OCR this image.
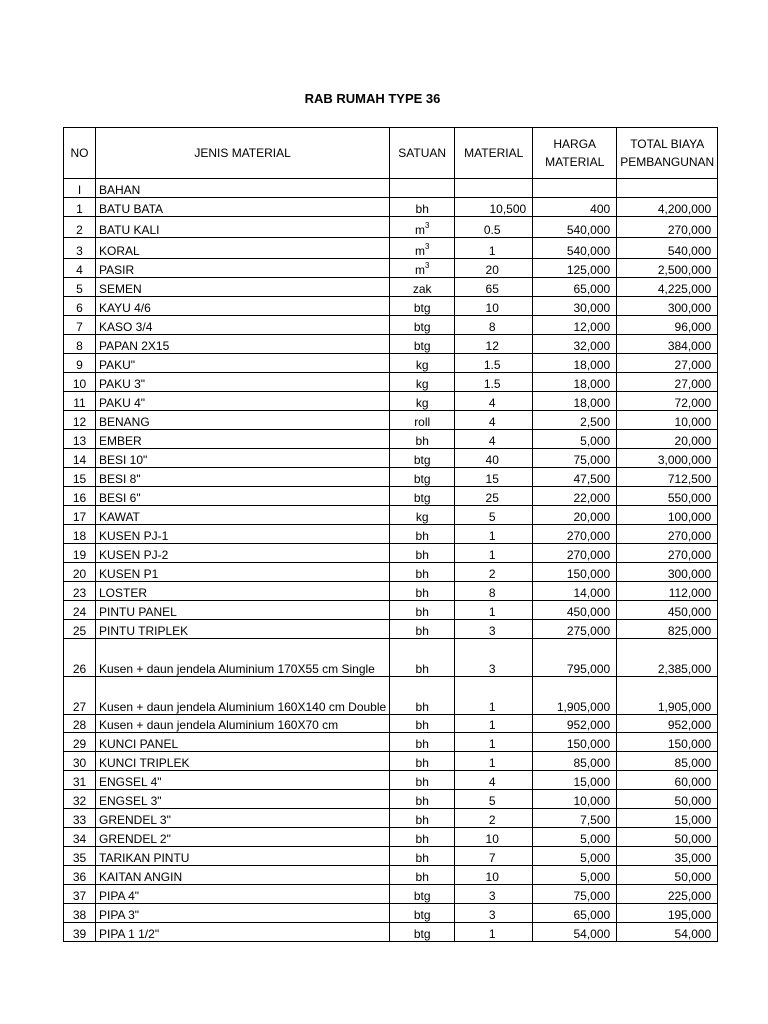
RAB RUMAH TYPE 36
NO	JENIS MATERIAL	SATUAN	MATERIAL	HARGA MATERIAL	TOTAL BIAYA PEMBANGUNAN
I	BAHAN				
1	BATU BATA	bh	10,500	400	4,200,000
2	BATU KALI	$m^3$	0.5	540,000	270,000
3	KORAL	$m^3$	1	540,000	540,000
4	PASIR	$m^3$	20	125,000	2,500,000
5	SEMEN	zak	65	65,000	4,225,000
6	KAYU 4/6	btg	10	30,000	300,000
7	KASO 3/4	btg	8	12,000	96,000
8	PAPAN 2X15	btg	12	32,000	384,000
9	PAKU"	kg	1.5	18,000	27,000
10	PAKU 3"	kg	1.5	18,000	27,000
11	PAKU 4"	kg	4	18,000	72,000
12	BENANG	roll	4	2,500	10,000
13	EMBER	bh	4	5,000	20,000
14	BESI 10"	btg	40	75,000	3,000,000
15	BESI 8"	btg	15	47,500	712,500
16	BESI 6"	btg	25	22,000	550,000
17	KAWAT	kg	5	20,000	100,000
18	KUSEN PJ-1	bh	1	270,000	270,000
19	KUSEN PJ-2	bh	1	270,000	270,000
20	KUSEN P1	bh	2	150,000	300,000
23	LOSTER	bh	8	14,000	112,000
24	PINTU PANEL	bh	1	450,000	450,000
25	PINTU TRIPLEK	bh	3	275,000	825,000
26	Kusen + daun jendela Aluminium 170X55 cm Single	bh	3	795,000	2,385,000
27	Kusen + daun jendela Aluminium 160X140 cm Double	bh	1	1,905,000	1,905,000
28	Kusen + daun jendela Aluminium 160X70 cm	bh	1	952,000	952,000
29	KUNCI PANEL	bh	1	150,000	150,000
30	KUNCI TRIPLEK	bh	1	85,000	85,000
31	ENGSEL 4"	bh	4	15,000	60,000
32	ENGSEL 3"	bh	5	10,000	50,000
33	GRENDEL 3"	bh	2	7,500	15,000
34	GRENDEL 2"	bh	10	5,000	50,000
35	TARIKAN PINTU	bh	7	5,000	35,000
36	KAITAN ANGIN	bh	10	5,000	50,000
37	PIPA 4"	btg	3	75,000	225,000
38	PIPA 3"	btg	3	65,000	195,000
39	PIPA 1 1/2"	btg	1	54,000	54,000
